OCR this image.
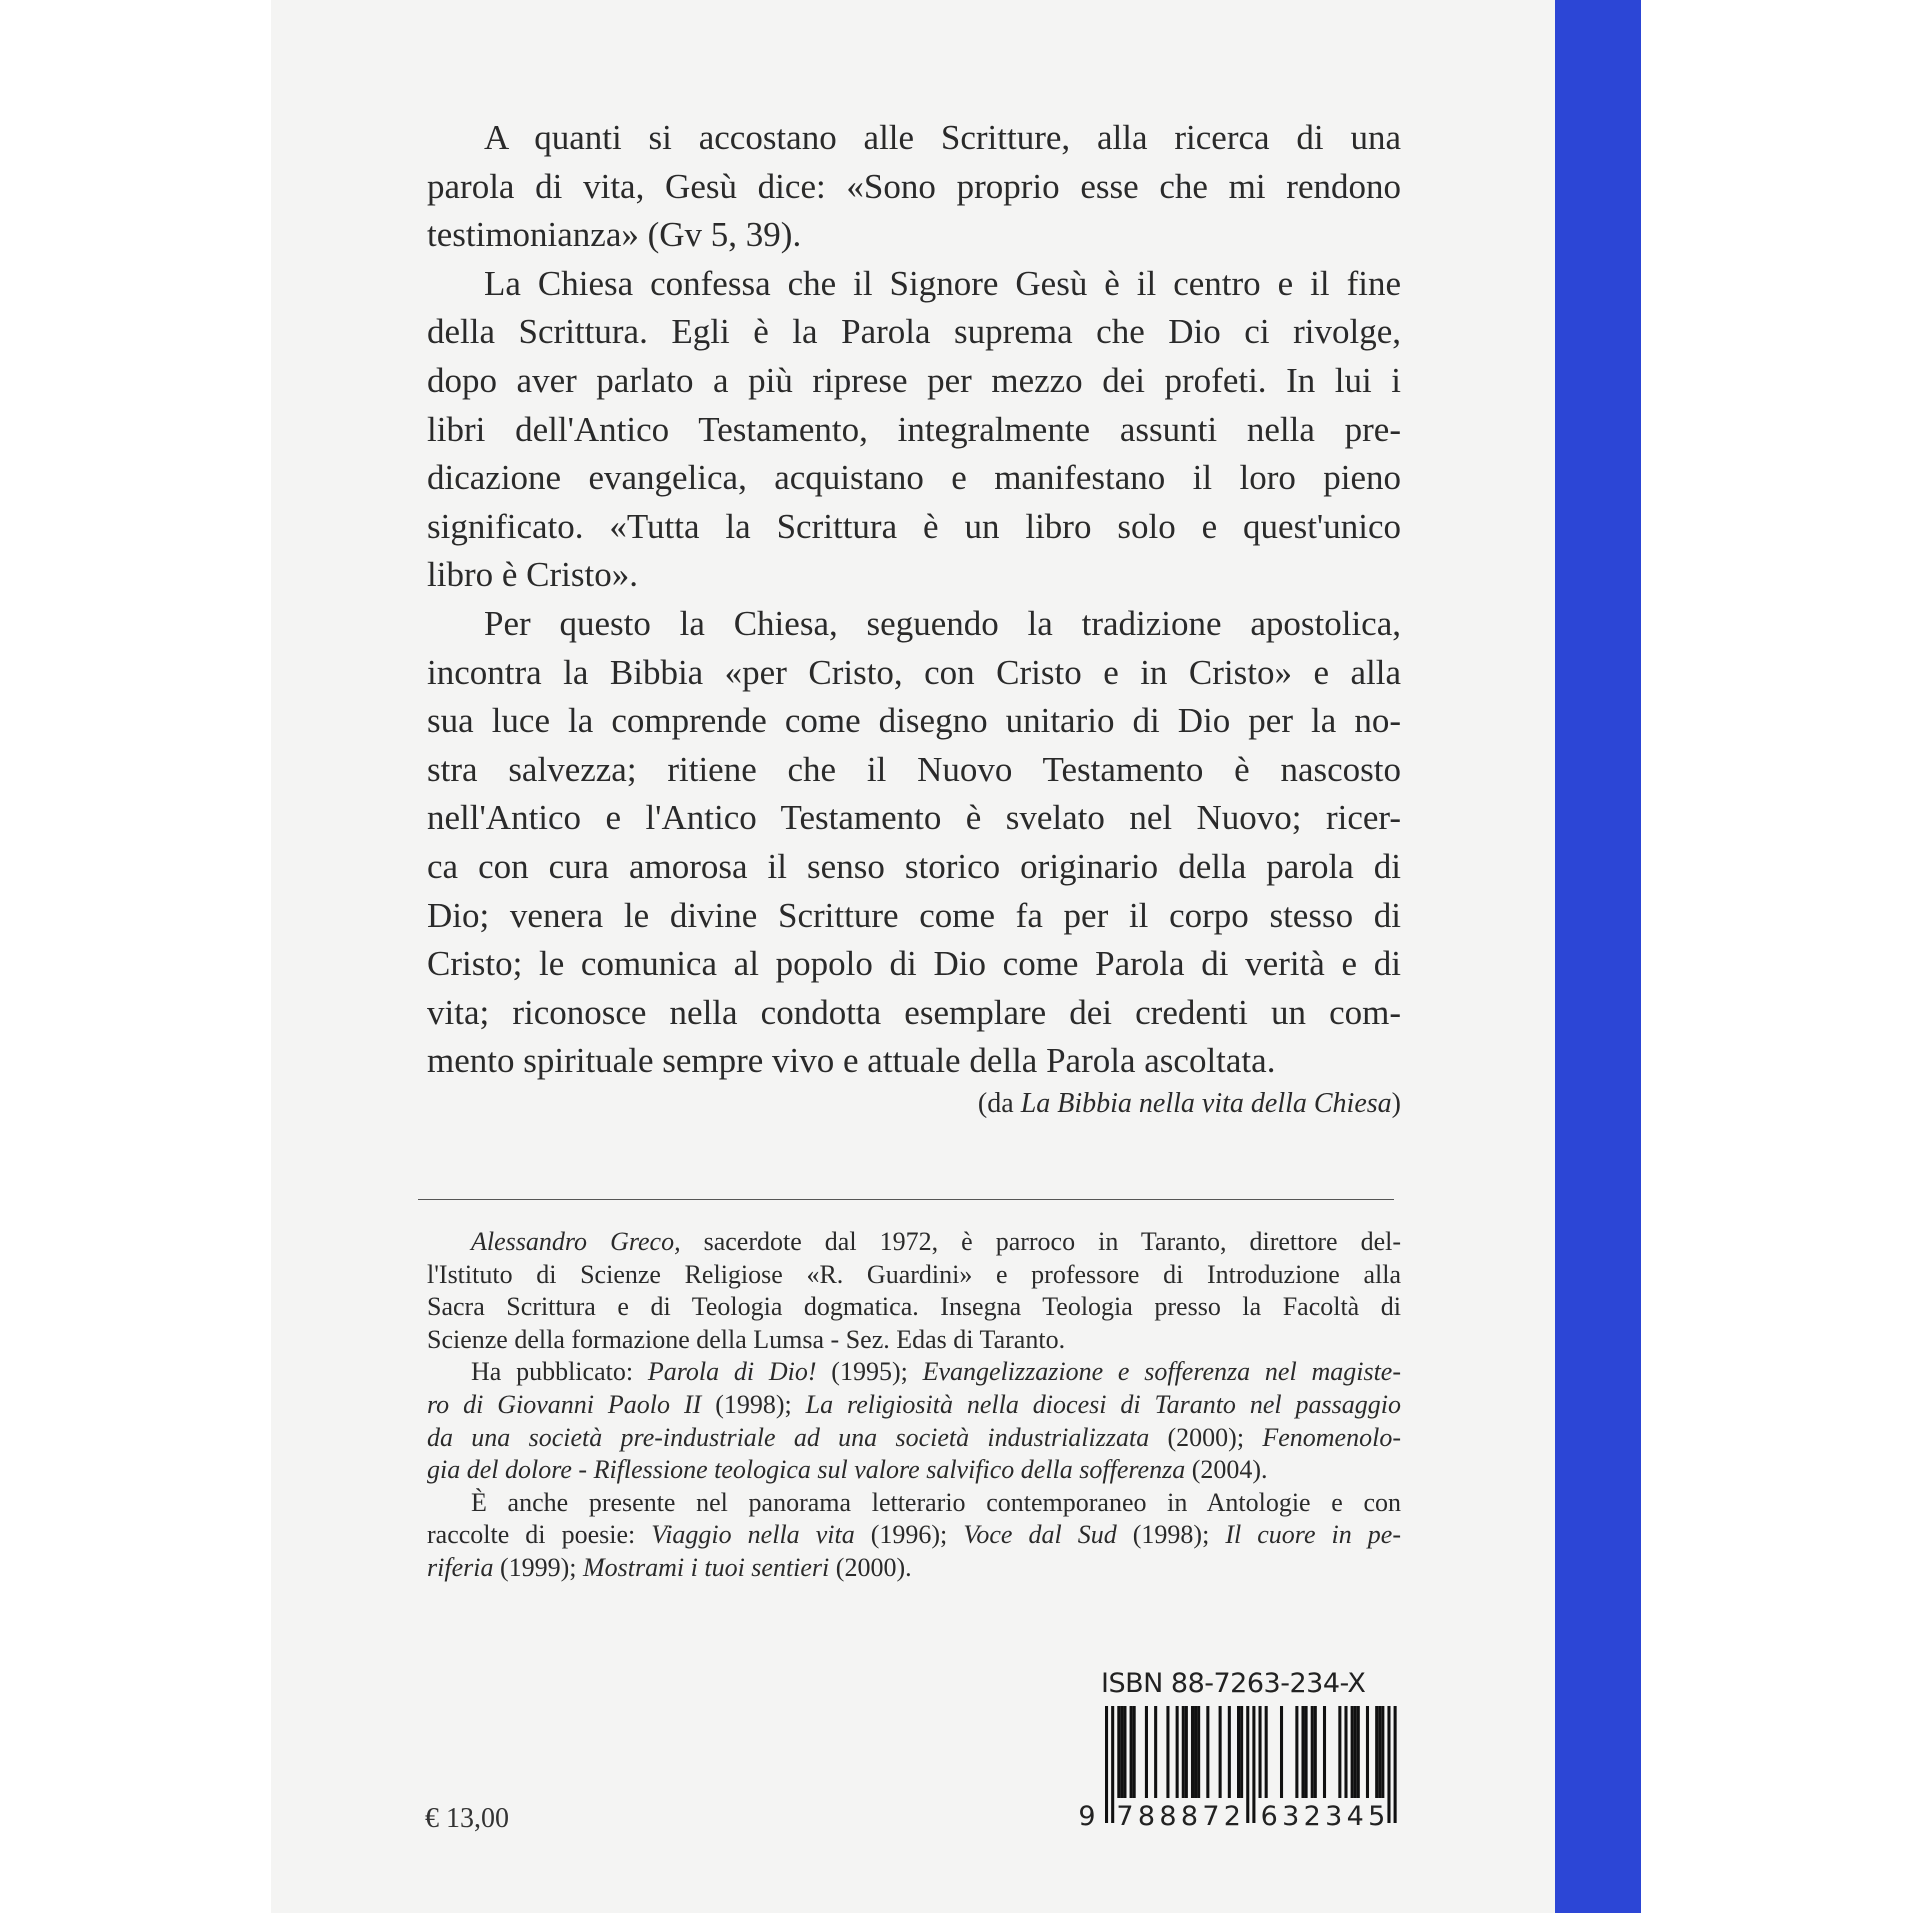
A quanti si accostano alle Scritture, alla ricerca di una
parola di vita, Gesù dice: «Sono proprio esse che mi rendono
testimonianza» (Gv 5, 39).
La Chiesa confessa che il Signore Gesù è il centro e il fine
della Scrittura. Egli è la Parola suprema che Dio ci rivolge,
dopo aver parlato a più riprese per mezzo dei profeti. In lui i
libri dell'Antico Testamento, integralmente assunti nella pre-
dicazione evangelica, acquistano e manifestano il loro pieno
significato. «Tutta la Scrittura è un libro solo e quest'unico
libro è Cristo».
Per questo la Chiesa, seguendo la tradizione apostolica,
incontra la Bibbia «per Cristo, con Cristo e in Cristo» e alla
sua luce la comprende come disegno unitario di Dio per la no-
stra salvezza; ritiene che il Nuovo Testamento è nascosto
nell'Antico e l'Antico Testamento è svelato nel Nuovo; ricer-
ca con cura amorosa il senso storico originario della parola di
Dio; venera le divine Scritture come fa per il corpo stesso di
Cristo; le comunica al popolo di Dio come Parola di verità e di
vita; riconosce nella condotta esemplare dei credenti un com-
mento spirituale sempre vivo e attuale della Parola ascoltata.
(da La Bibbia nella vita della Chiesa)
Alessandro Greco, sacerdote dal 1972, è parroco in Taranto, direttore del-
l'Istituto di Scienze Religiose «R. Guardini» e professore di Introduzione alla
Sacra Scrittura e di Teologia dogmatica. Insegna Teologia presso la Facoltà di
Scienze della formazione della Lumsa - Sez. Edas di Taranto.
Ha pubblicato: Parola di Dio! (1995); Evangelizzazione e sofferenza nel magiste-
ro di Giovanni Paolo II (1998); La religiosità nella diocesi di Taranto nel passaggio
da una società pre-industriale ad una società industrializzata (2000); Fenomenolo-
gia del dolore - Riflessione teologica sul valore salvifico della sofferenza (2004).
È anche presente nel panorama letterario contemporaneo in Antologie e con
raccolte di poesie: Viaggio nella vita (1996); Voce dal Sud (1998); Il cuore in pe-
riferia (1999); Mostrami i tuoi sentieri (2000).
ISBN 88-7263-234-X
9 7 8 8 8 7 2 6 3 2 3 4 5
€ 13,00
